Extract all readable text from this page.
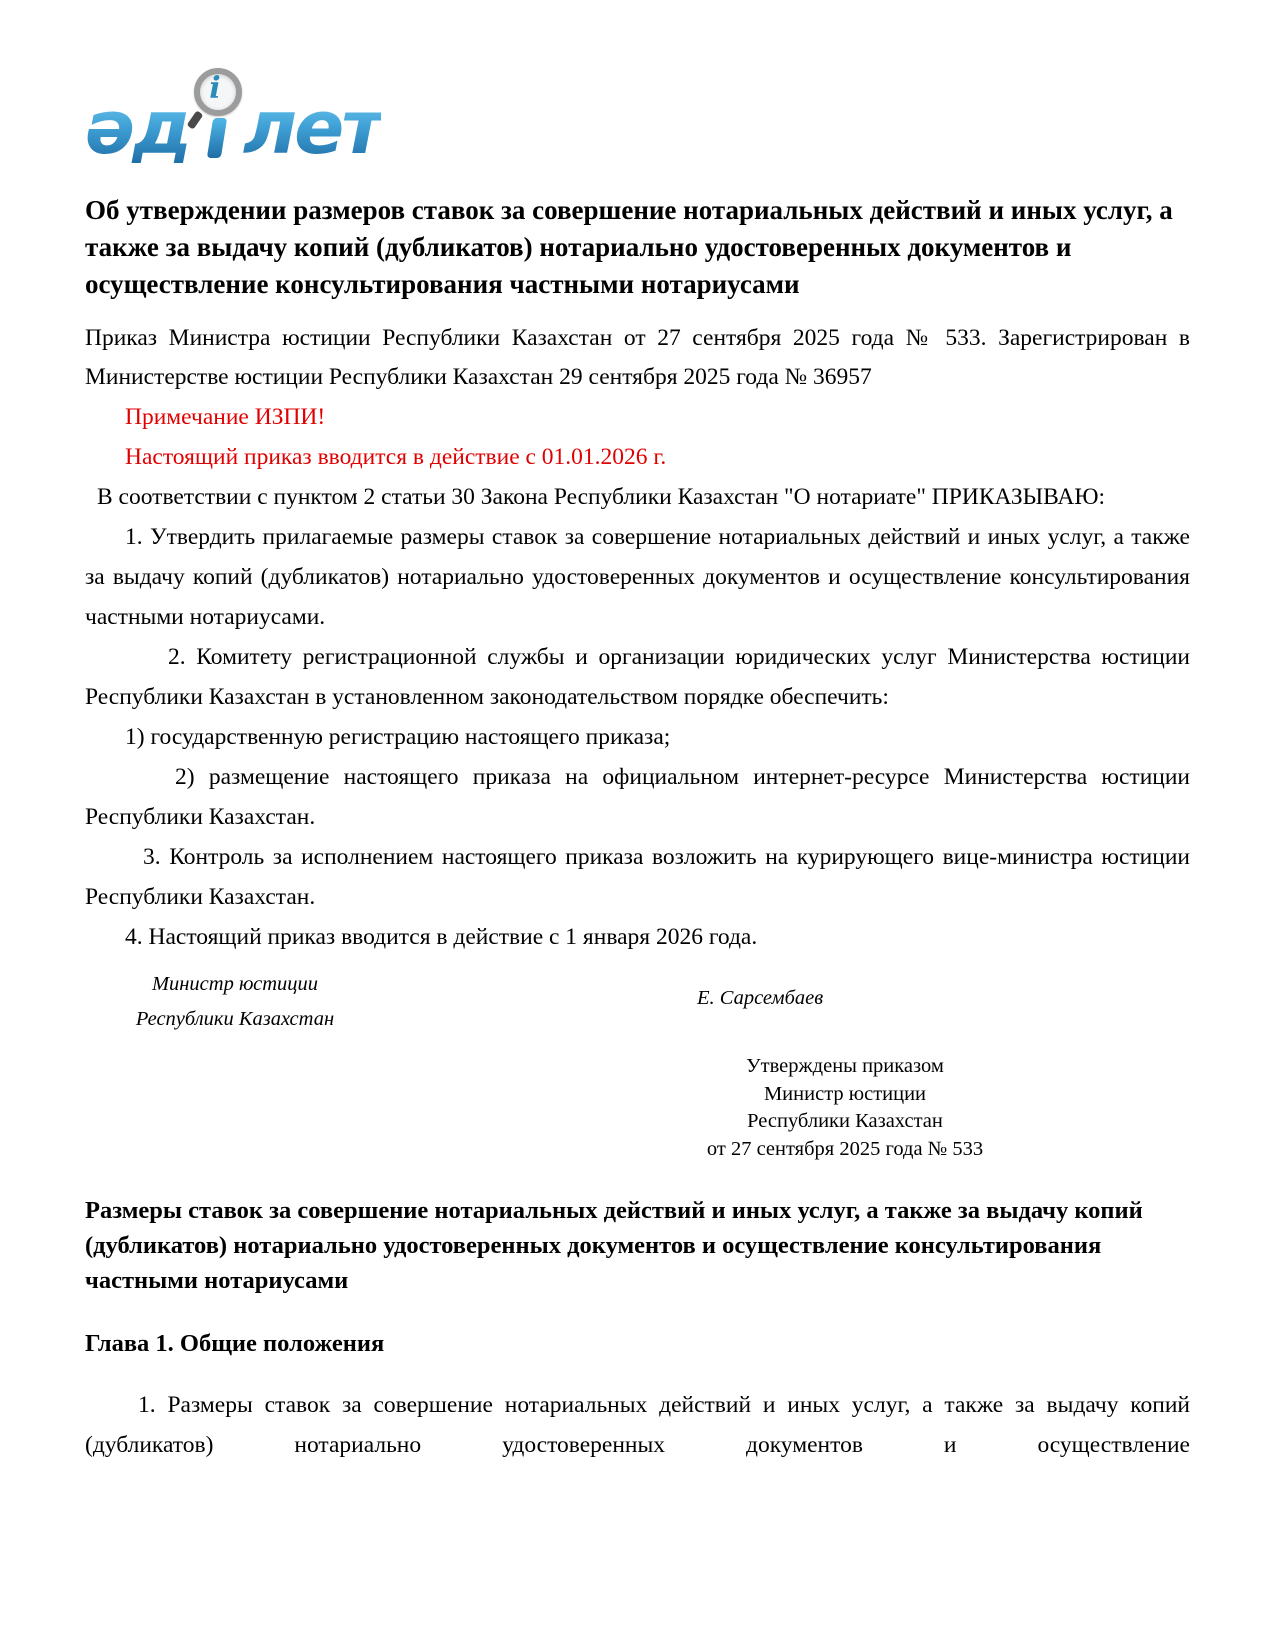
әд i лет
Об утверждении размеров ставок за совершение нотариальных действий и иных услуг, а также за выдачу копий (дубликатов) нотариально удостоверенных документов и осуществление консультирования частными нотариусами

Приказ Министра юстиции Республики Казахстан от 27 сентября 2025 года № 533. Зарегистрирован в Министерстве юстиции Республики Казахстан 29 сентября 2025 года № 36957

Примечание ИЗПИ!

Настоящий приказ вводится в действие с 01.01.2026 г.

В соответствии с пунктом 2 статьи 30 Закона Республики Казахстан "О нотариате" ПРИКАЗЫВАЮ:

1. Утвердить прилагаемые размеры ставок за совершение нотариальных действий и иных услуг, а также за выдачу копий (дубликатов) нотариально удостоверенных документов и осуществление консультирования частными нотариусами.

2. Комитету регистрационной службы и организации юридических услуг Министерства юстиции Республики Казахстан в установленном законодательством порядке обеспечить:

1) государственную регистрацию настоящего приказа;

2) размещение настоящего приказа на официальном интернет-ресурсе Министерства юстиции Республики Казахстан.

3. Контроль за исполнением настоящего приказа возложить на курирующего вице-министра юстиции Республики Казахстан.

4. Настоящий приказ вводится в действие с 1 января 2026 года.

Министр юстиции
Республики Казахстан
Е. Сарсембаев
Утверждены приказом
Министр юстиции
Республики Казахстан
от 27 сентября 2025 года № 533
Размеры ставок за совершение нотариальных действий и иных услуг, а также за выдачу копий (дубликатов) нотариально удостоверенных документов и осуществление консультирования частными нотариусами
Глава 1. Общие положения

1. Размеры ставок за совершение нотариальных действий и иных услуг, а также за выдачу копий (дубликатов) нотариально удостоверенных документов и осуществление
